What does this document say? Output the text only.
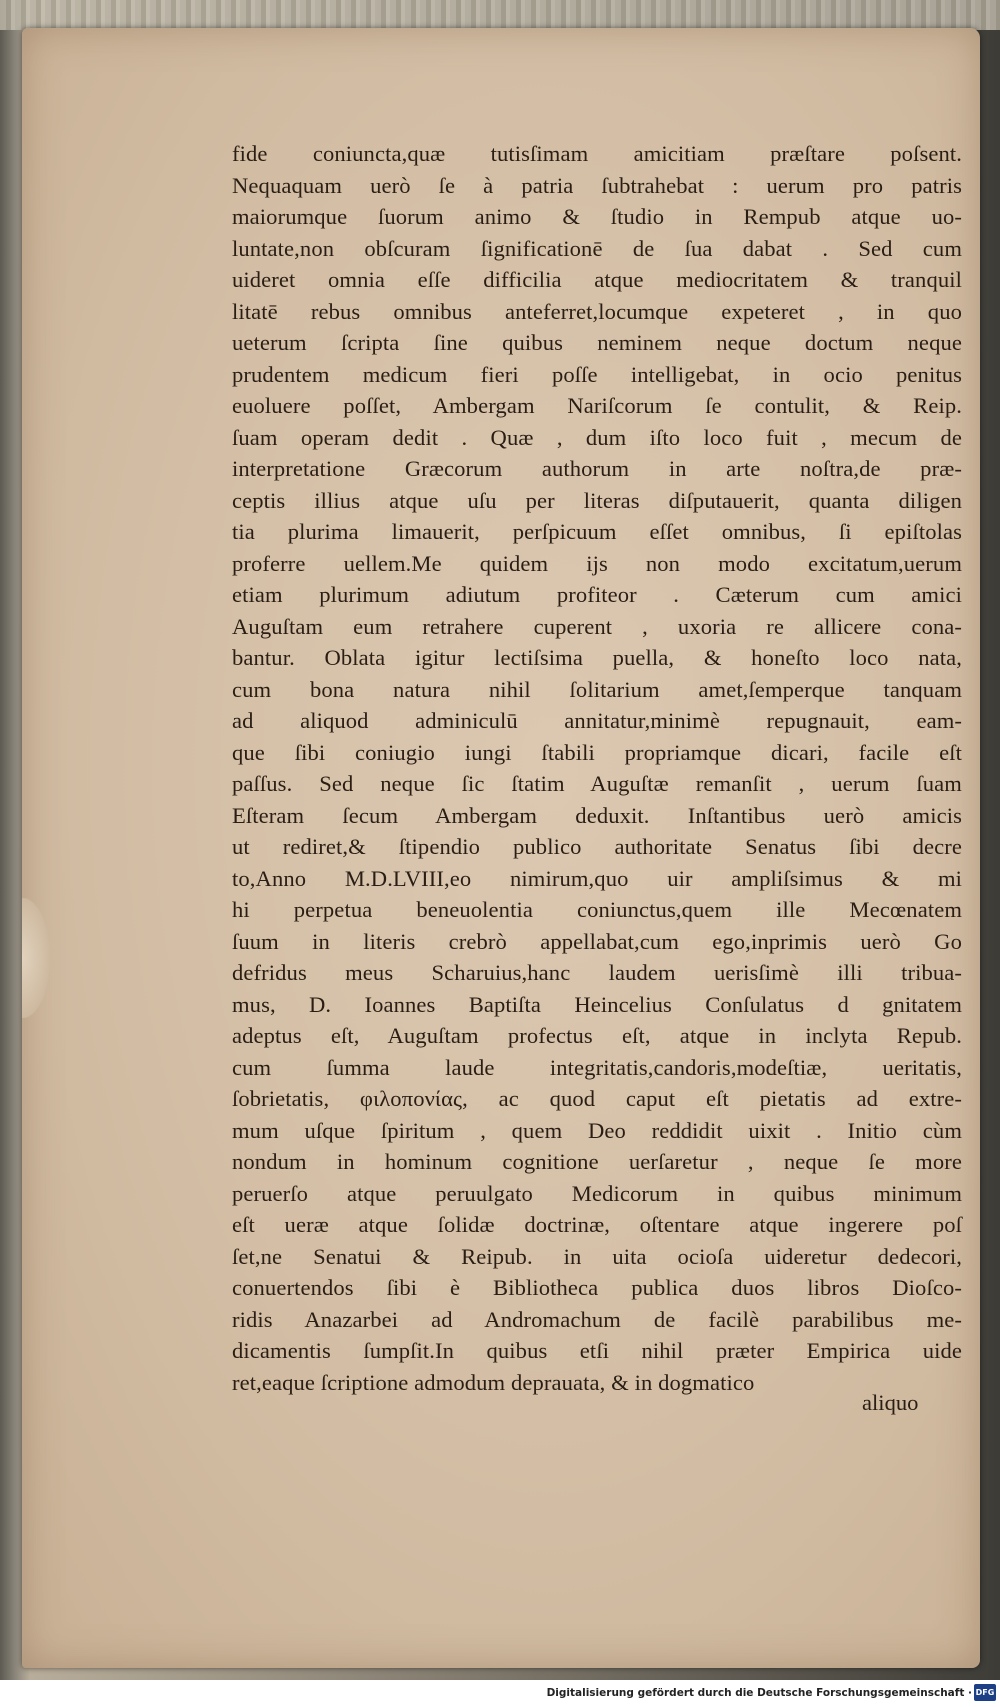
fide coniuncta,quæ tutisſimam amicitiam præſtare poſsent.
Nequaquam uerò ſe à patria ſubtrahebat : uerum pro patris
maiorumque ſuorum animo & ſtudio in Rempub atque uo-
luntate,non obſcuram ſignificationē de ſua dabat . Sed cum
uideret omnia eſſe difficilia atque mediocritatem & tranquil
litatē rebus omnibus anteferret,locumque expeteret , in quo
ueterum ſcripta ſine quibus neminem neque doctum neque
prudentem medicum fieri poſſe intelligebat, in ocio penitus
euoluere poſſet, Ambergam Nariſcorum ſe contulit, & Reip.
ſuam operam dedit . Quæ , dum iſto loco fuit , mecum de
interpretatione Græcorum authorum in arte noſtra,de præ-
ceptis illius atque uſu per literas diſputauerit, quanta diligen
tia plurima limauerit, perſpicuum eſſet omnibus, ſi epiſtolas
proferre uellem.Me quidem ijs non modo excitatum,uerum
etiam plurimum adiutum profiteor . Cæterum cum amici
Auguſtam eum retrahere cuperent , uxoria re allicere cona-
bantur. Oblata igitur lectiſsima puella, & honeſto loco nata,
cum bona natura nihil ſolitarium amet,ſemperque tanquam
ad aliquod adminiculū annitatur,minimè repugnauit, eam-
que ſibi coniugio iungi ſtabili propriamque dicari, facile eſt
paſſus. Sed neque ſic ſtatim Auguſtæ remanſit , uerum ſuam
Eſteram ſecum Ambergam deduxit. Inſtantibus uerò amicis
ut rediret,& ſtipendio publico authoritate Senatus ſibi decre
to,Anno M.D.LVIII,eo nimirum,quo uir ampliſsimus & mi
hi perpetua beneuolentia coniunctus,quem ille Mecœnatem
ſuum in literis crebrò appellabat,cum ego,inprimis uerò Go
defridus meus Scharuius,hanc laudem uerisſimè illi tribua-
mus, D. Ioannes Baptiſta Heincelius Conſulatus d gnitatem
adeptus eſt, Auguſtam profectus eſt, atque in inclyta Repub.
cum ſumma laude integritatis,candoris,modeſtiæ, ueritatis,
ſobrietatis, φιλοπονίας, ac quod caput eſt pietatis ad extre-
mum uſque ſpiritum , quem Deo reddidit uixit . Initio cùm
nondum in hominum cognitione uerſaretur , neque ſe more
peruerſo atque peruulgato Medicorum in quibus minimum
eſt ueræ atque ſolidæ doctrinæ, oſtentare atque ingerere poſ
ſet,ne Senatui & Reipub. in uita ocioſa uideretur dedecori,
conuertendos ſibi è Bibliotheca publica duos libros Dioſco-
ridis Anazarbei ad Andromachum de facilè parabilibus me-
dicamentis ſumpſit.In quibus etſi nihil præter Empirica uide
ret,eaque ſcriptione admodum deprauata, & in dogmatico
aliquo
Digitalisierung gefördert durch die Deutsche Forschungsgemeinschaft · DFG
